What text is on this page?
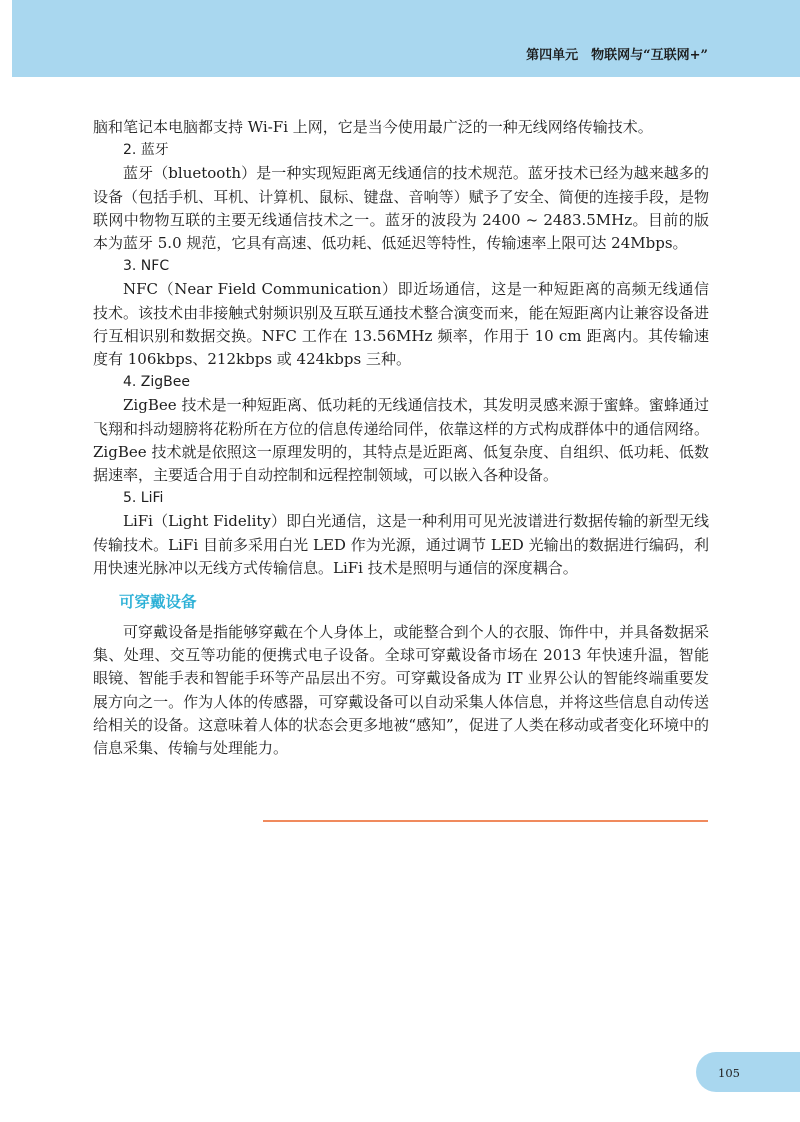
第四单元　物联网与“互联网+”

脑和笔记本电脑都支持 Wi-Fi 上网，它是当今使用最广泛的一种无线网络传输技术。

2. 蓝牙

蓝牙（bluetooth）是一种实现短距离无线通信的技术规范。蓝牙技术已经为越来越多的设备（包括手机、耳机、计算机、鼠标、键盘、音响等）赋予了安全、简便的连接手段，是物联网中物物互联的主要无线通信技术之一。蓝牙的波段为 2400 ~ 2483.5MHz。目前的版本为蓝牙 5.0 规范，它具有高速、低功耗、低延迟等特性，传输速率上限可达 24Mbps。

3. NFC

NFC（Near Field Communication）即近场通信，这是一种短距离的高频无线通信技术。该技术由非接触式射频识别及互联互通技术整合演变而来，能在短距离内让兼容设备进行互相识别和数据交换。NFC 工作在 13.56MHz 频率，作用于 10 cm 距离内。其传输速度有 106kbps、212kbps 或 424kbps 三种。

4. ZigBee

ZigBee 技术是一种短距离、低功耗的无线通信技术，其发明灵感来源于蜜蜂。蜜蜂通过飞翔和抖动翅膀将花粉所在方位的信息传递给同伴，依靠这样的方式构成群体中的通信网络。ZigBee 技术就是依照这一原理发明的，其特点是近距离、低复杂度、自组织、低功耗、低数据速率，主要适合用于自动控制和远程控制领域，可以嵌入各种设备。

5. LiFi

LiFi（Light Fidelity）即白光通信，这是一种利用可见光波谱进行数据传输的新型无线传输技术。LiFi 目前多采用白光 LED 作为光源，通过调节 LED 光输出的数据进行编码，利用快速光脉冲以无线方式传输信息。LiFi 技术是照明与通信的深度耦合。

可穿戴设备

可穿戴设备是指能够穿戴在个人身体上，或能整合到个人的衣服、饰件中，并具备数据采集、处理、交互等功能的便携式电子设备。全球可穿戴设备市场在 2013 年快速升温，智能眼镜、智能手表和智能手环等产品层出不穷。可穿戴设备成为 IT 业界公认的智能终端重要发展方向之一。作为人体的传感器，可穿戴设备可以自动采集人体信息，并将这些信息自动传送给相关的设备。这意味着人体的状态会更多地被“感知”，促进了人类在移动或者变化环境中的信息采集、传输与处理能力。

105
